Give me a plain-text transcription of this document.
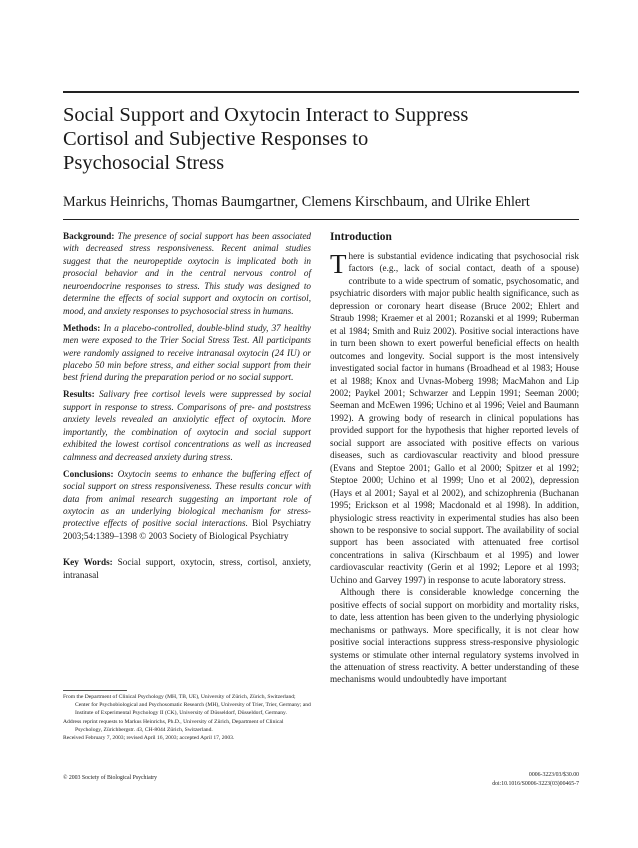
Social Support and Oxytocin Interact to Suppress
Cortisol and Subjective Responses to
Psychosocial Stress
Markus Heinrichs, Thomas Baumgartner, Clemens Kirschbaum, and Ulrike Ehlert

Background: The presence of social support has been associated with decreased stress responsiveness. Recent animal studies suggest that the neuropeptide oxytocin is implicated both in prosocial behavior and in the central nervous control of neuroendocrine responses to stress. This study was designed to determine the effects of social support and oxytocin on cortisol, mood, and anxiety responses to psychosocial stress in humans.

Methods: In a placebo-controlled, double-blind study, 37 healthy men were exposed to the Trier Social Stress Test. All participants were randomly assigned to receive intranasal oxytocin (24 IU) or placebo 50 min before stress, and either social support from their best friend during the preparation period or no social support.

Results: Salivary free cortisol levels were suppressed by social support in response to stress. Comparisons of pre- and poststress anxiety levels revealed an anxiolytic effect of oxytocin. More importantly, the combination of oxytocin and social support exhibited the lowest cortisol concentrations as well as increased calmness and decreased anxiety during stress.

Conclusions: Oxytocin seems to enhance the buffering effect of social support on stress responsiveness. These results concur with data from animal research suggesting an important role of oxytocin as an underlying biological mechanism for stress-protective effects of positive social interactions. Biol Psychiatry 2003;54:1389–1398 © 2003 Society of Biological Psychiatry

Key Words: Social support, oxytocin, stress, cortisol, anxiety, intranasal

From the Department of Clinical Psychology (MH, TB, UE), University of Zürich, Zürich, Switzerland; Center for Psychobiological and Psychosomatic Research (MH), University of Trier, Trier, Germany; and Institute of Experimental Psychology II (CK), University of Düsseldorf, Düsseldorf, Germany.

Address reprint requests to Markus Heinrichs, Ph.D., University of Zürich, Department of Clinical Psychology, Zürichbergstr. 43, CH-8044 Zürich, Switzerland.

Received February 7, 2003; revised April 16, 2003; accepted April 17, 2003.

Introduction

There is substantial evidence indicating that psychosocial risk factors (e.g., lack of social contact, death of a spouse) contribute to a wide spectrum of somatic, psychosomatic, and psychiatric disorders with major public health significance, such as depression or coronary heart disease (Bruce 2002; Ehlert and Straub 1998; Kraemer et al 2001; Rozanski et al 1999; Ruberman et al 1984; Smith and Ruiz 2002). Positive social interactions have in turn been shown to exert powerful beneficial effects on health outcomes and longevity. Social support is the most intensively investigated social factor in humans (Broadhead et al 1983; House et al 1988; Knox and Uvnas-Moberg 1998; MacMahon and Lip 2002; Paykel 2001; Schwarzer and Leppin 1991; Seeman 2000; Seeman and McEwen 1996; Uchino et al 1996; Veiel and Baumann 1992). A growing body of research in clinical populations has provided support for the hypothesis that higher reported levels of social support are associated with positive effects on various diseases, such as cardiovascular reactivity and blood pressure (Evans and Steptoe 2001; Gallo et al 2000; Spitzer et al 1992; Steptoe 2000; Uchino et al 1999; Uno et al 2002), depression (Hays et al 2001; Sayal et al 2002), and schizophrenia (Buchanan 1995; Erickson et al 1998; Macdonald et al 1998). In addition, physiologic stress reactivity in experimental studies has also been shown to be responsive to social support. The availability of social support has been associated with attenuated free cortisol concentrations in saliva (Kirschbaum et al 1995) and lower cardiovascular reactivity (Gerin et al 1992; Lepore et al 1993; Uchino and Garvey 1997) in response to acute laboratory stress.

Although there is considerable knowledge concerning the positive effects of social support on morbidity and mortality risks, to date, less attention has been given to the underlying physiologic mechanisms or pathways. More specifically, it is not clear how positive social interactions suppress stress-responsive physiologic systems or stimulate other internal regulatory systems involved in the attenuation of stress reactivity. A better understanding of these mechanisms would undoubtedly have important

© 2003 Society of Biological Psychiatry	0006-3223/03/$30.00
doi:10.1016/S0006-3223(03)00465-7
